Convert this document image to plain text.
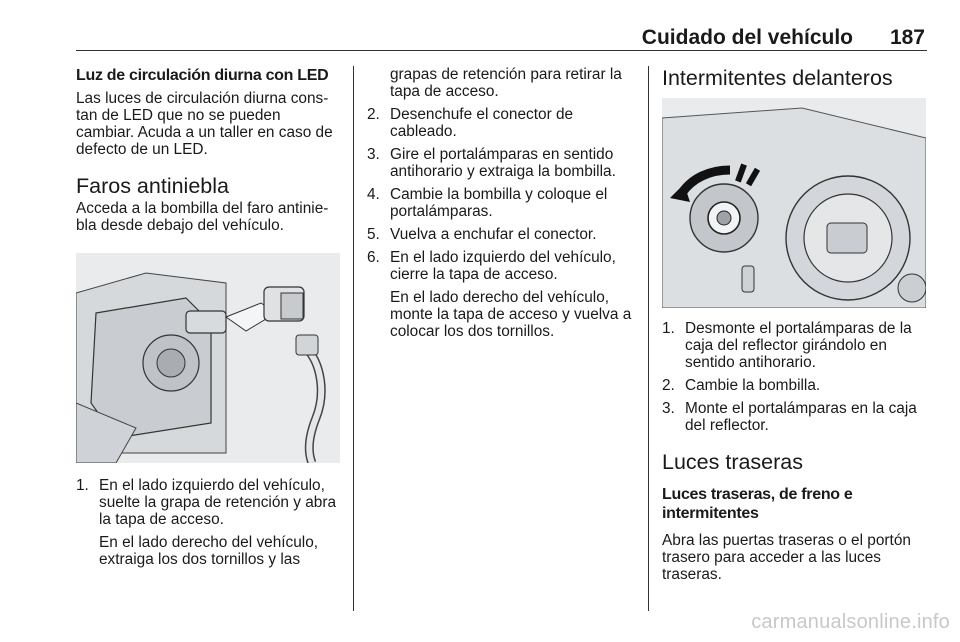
Cuidado del vehículo 187
Luz de circulación diurna con LED

Las luces de circulación diurna cons-tan de LED que no se pueden cambiar. Acuda a un taller en caso de defecto de un LED.

Faros antiniebla

Acceda a la bombilla del faro antinie-bla desde debajo del vehículo.

1. En el lado izquierdo del vehículo, suelte la grapa de retención y abra la tapa de acceso.
En el lado derecho del vehículo, extraiga los dos tornillos y las

grapas de retención para retirar la tapa de acceso.

2. Desenchufe el conector de cableado.
3. Gire el portalámparas en sentido antihorario y extraiga la bombilla.
4. Cambie la bombilla y coloque el portalámparas.
5. Vuelva a enchufar el conector.
6. En el lado izquierdo del vehículo, cierre la tapa de acceso.
En el lado derecho del vehículo, monte la tapa de acceso y vuelva a colocar los dos tornillos.
Intermitentes delanteros
1. Desmonte el portalámparas de la caja del reflector girándolo en sentido antihorario.
2. Cambie la bombilla.
3. Monte el portalámparas en la caja del reflector.
Luces traseras
Luces traseras, de freno e intermitentes

Abra las puertas traseras o el portón trasero para acceder a las luces traseras.

carmanualsonline.info
